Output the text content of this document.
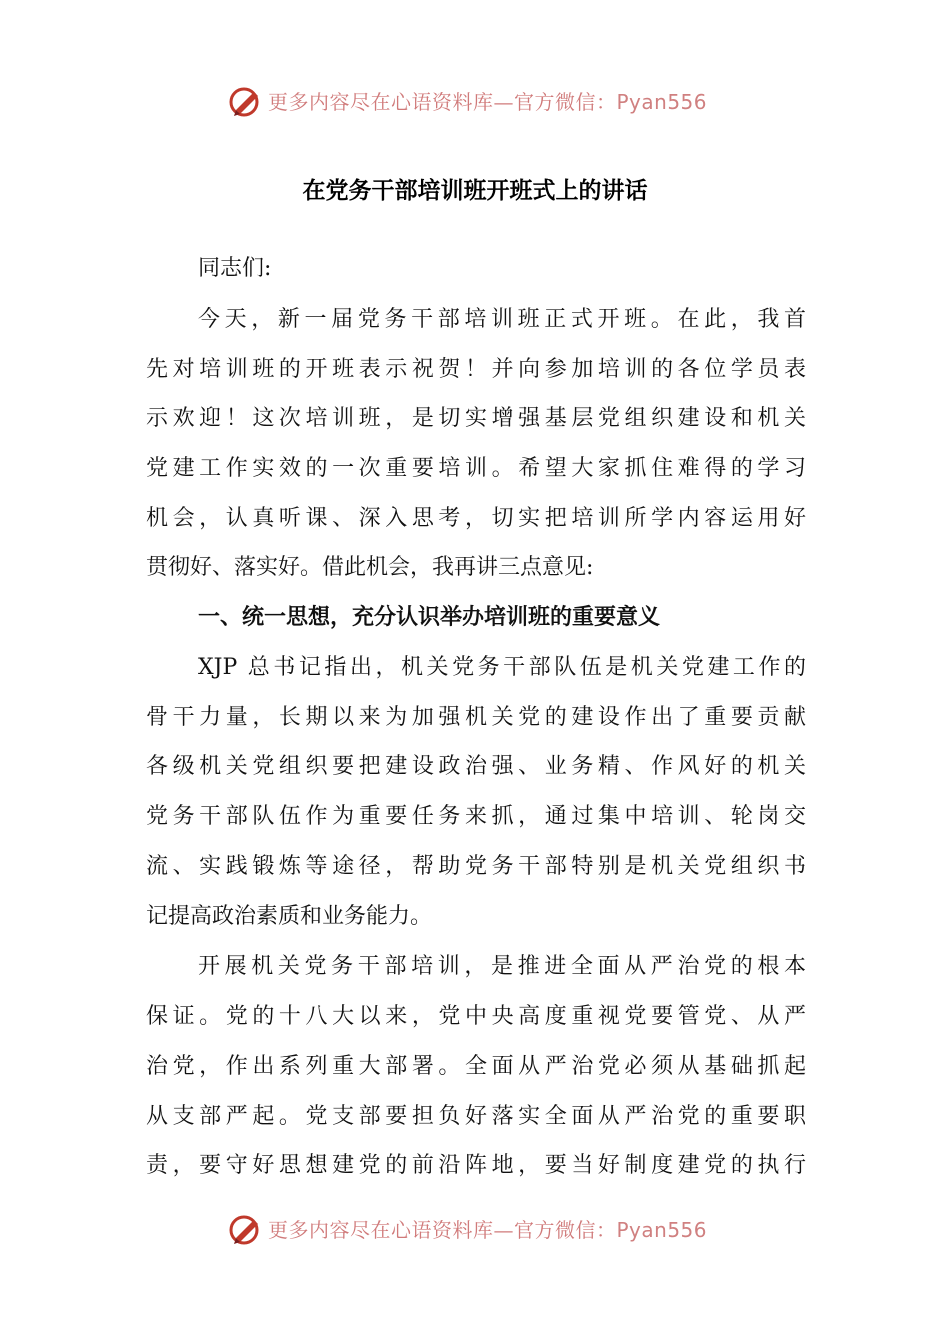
更多内容尽在心语资料库—官方微信：Pyan556
在党务干部培训班开班式上的讲话
同志们:
今天，新一届党务干部培训班正式开班。在此，我首
先对培训班的开班表示祝贺！并向参加培训的各位学员表
示欢迎！这次培训班，是切实增强基层党组织建设和机关
党建工作实效的一次重要培训。希望大家抓住难得的学习
机会，认真听课、深入思考，切实把培训所学内容运用好
贯彻好、落实好。借此机会，我再讲三点意见:
一、统一思想，充分认识举办培训班的重要意义
XJP 总书记指出，机关党务干部队伍是机关党建工作的
骨干力量，长期以来为加强机关党的建设作出了重要贡献
各级机关党组织要把建设政治强、业务精、作风好的机关
党务干部队伍作为重要任务来抓，通过集中培训、轮岗交
流、实践锻炼等途径，帮助党务干部特别是机关党组织书
记提高政治素质和业务能力。
开展机关党务干部培训，是推进全面从严治党的根本
保证。党的十八大以来，党中央高度重视党要管党、从严
治党，作出系列重大部署。全面从严治党必须从基础抓起
从支部严起。党支部要担负好落实全面从严治党的重要职
责，要守好思想建党的前沿阵地，要当好制度建党的执行
更多内容尽在心语资料库—官方微信：Pyan556
